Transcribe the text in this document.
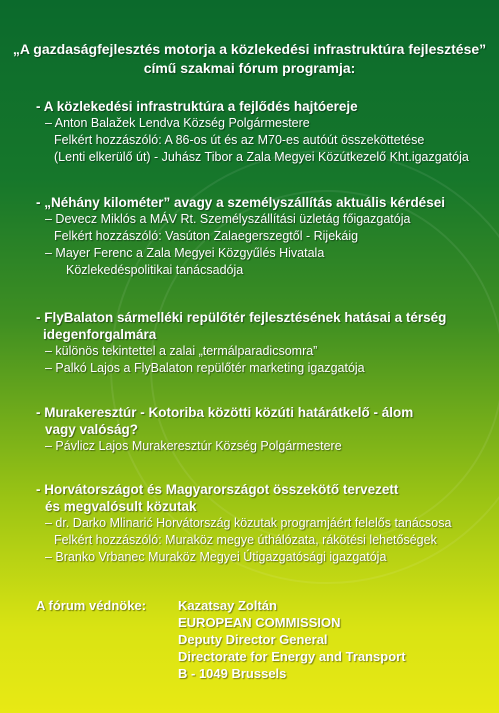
„A gazdaságfejlesztés motorja a közlekedési infrastruktúra fejlesztése”
című szakmai fórum programja:
- A közlekedési infrastruktúra a fejlődés hajtóereje
– Anton Balažek Lendva Község Polgármestere
Felkért hozzászóló: A 86-os út és az M70-es autóút összeköttetése
(Lenti elkerülő út) - Juhász Tibor a Zala Megyei Közútkezelő Kht.igazgatója
- „Néhány kilométer” avagy a személyszállítás aktuális kérdései
– Devecz Miklós a MÁV Rt. Személyszállítási üzletág főigazgatója
Felkért hozzászóló: Vasúton Zalaegerszegtől - Rijekáig
– Mayer Ferenc a Zala Megyei Közgyűlés Hivatala
Közlekedéspolitikai tanácsadója
- FlyBalaton sármelléki repülőtér fejlesztésének hatásai a térség
idegenforgalmára
– különös tekintettel a zalai „termálparadicsomra”
– Palkó Lajos a FlyBalaton repülőtér marketing igazgatója
- Murakeresztúr - Kotoriba közötti közúti határátkelő - álom
vagy valóság?
– Pávlicz Lajos Murakeresztúr Község Polgármestere
- Horvátországot és Magyarországot összekötő tervezett
és megvalósult közutak
– dr. Darko Mlinarić Horvátország közutak programjáért felelős tanácsosa
Felkért hozzászóló: Muraköz megye úthálózata, rákötési lehetőségek
– Branko Vrbanec Muraköz Megyei Útigazgatósági igazgatója
A fórum védnöke: Kazatsay Zoltán
EUROPEAN COMMISSION
Deputy Director General
Directorate for Energy and Transport
B - 1049 Brussels
